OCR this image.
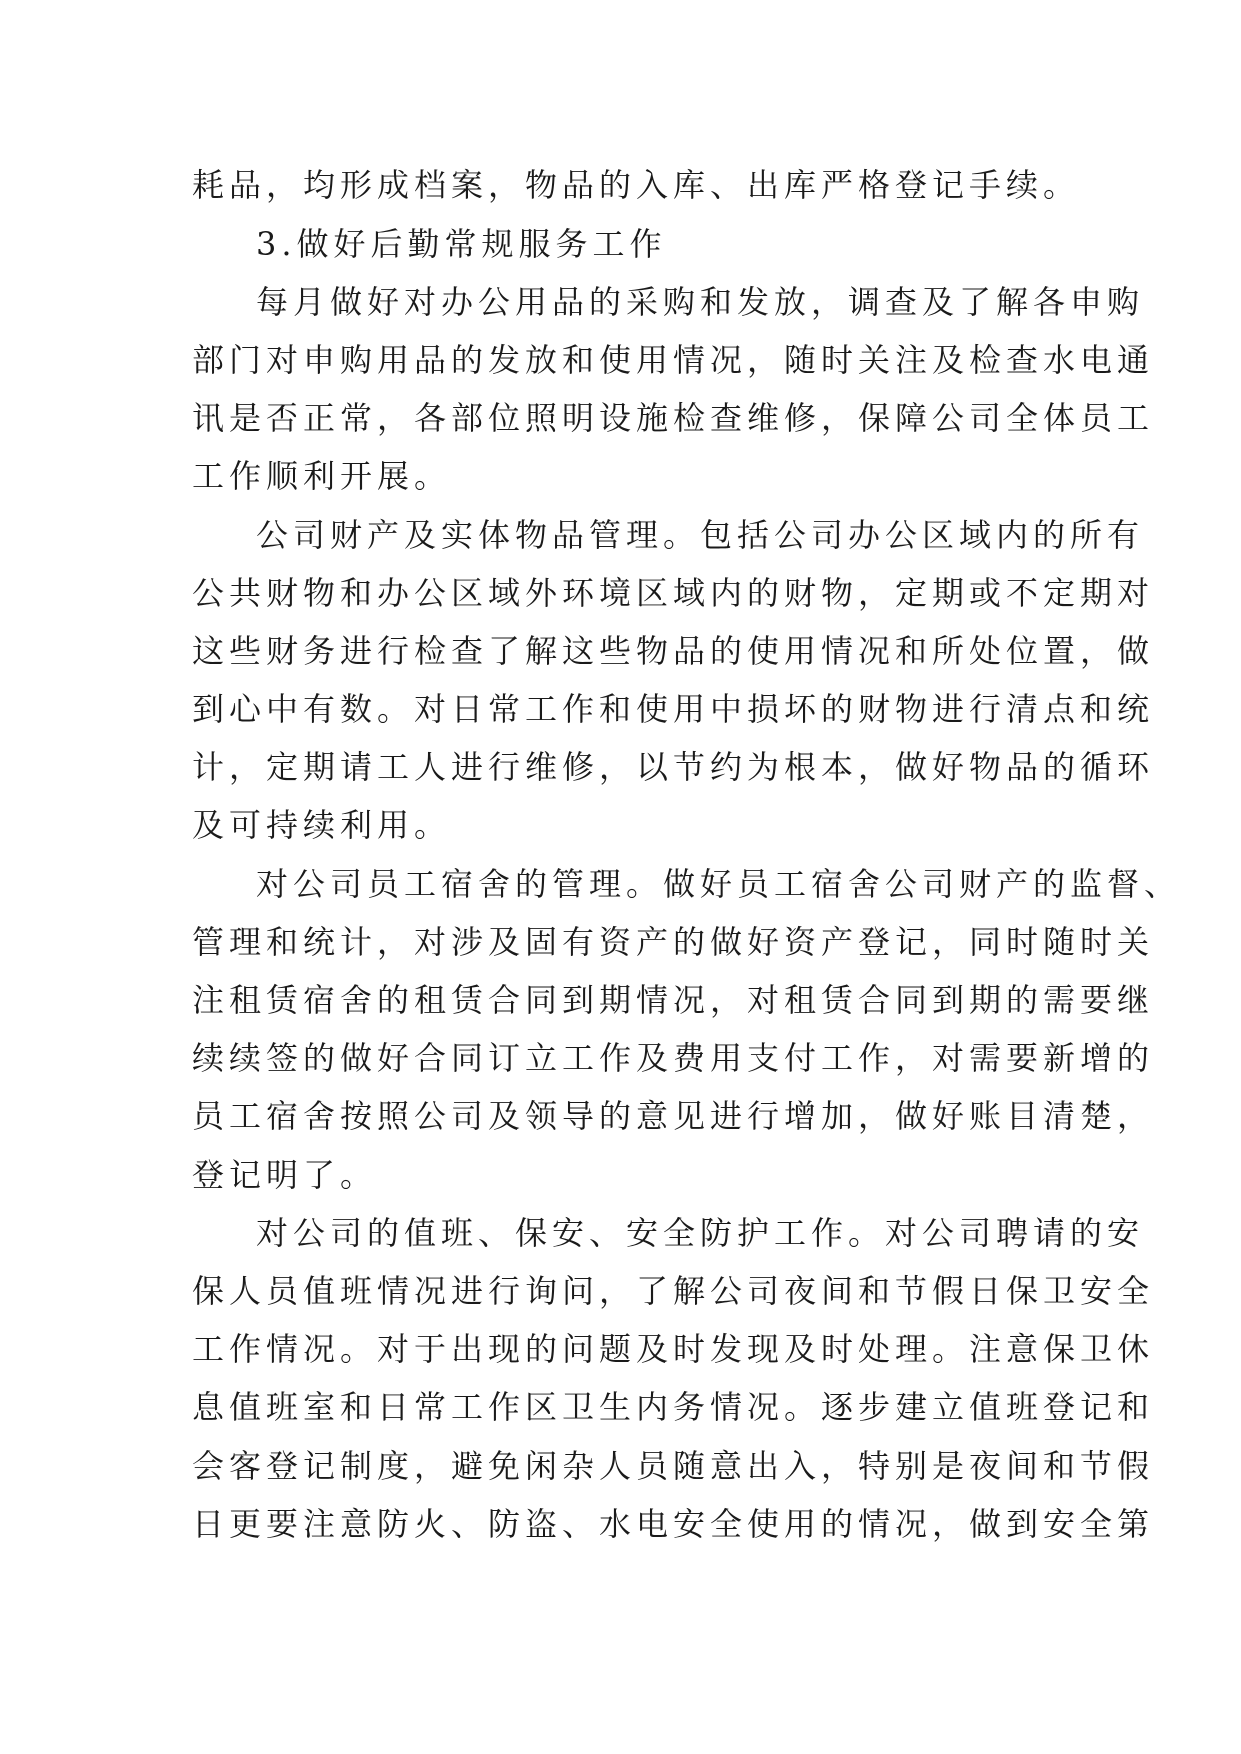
耗品，均形成档案，物品的入库、出库严格登记手续。
3.做好后勤常规服务工作
每月做好对办公用品的采购和发放，调查及了解各申购
部门对申购用品的发放和使用情况，随时关注及检查水电通
讯是否正常，各部位照明设施检查维修，保障公司全体员工
工作顺利开展。
公司财产及实体物品管理。包括公司办公区域内的所有
公共财物和办公区域外环境区域内的财物，定期或不定期对
这些财务进行检查了解这些物品的使用情况和所处位置，做
到心中有数。对日常工作和使用中损坏的财物进行清点和统
计，定期请工人进行维修，以节约为根本，做好物品的循环
及可持续利用。
对公司员工宿舍的管理。做好员工宿舍公司财产的监督、
管理和统计，对涉及固有资产的做好资产登记，同时随时关
注租赁宿舍的租赁合同到期情况，对租赁合同到期的需要继
续续签的做好合同订立工作及费用支付工作，对需要新增的
员工宿舍按照公司及领导的意见进行增加，做好账目清楚，
登记明了。
对公司的值班、保安、安全防护工作。对公司聘请的安
保人员值班情况进行询问，了解公司夜间和节假日保卫安全
工作情况。对于出现的问题及时发现及时处理。注意保卫休
息值班室和日常工作区卫生内务情况。逐步建立值班登记和
会客登记制度，避免闲杂人员随意出入，特别是夜间和节假
日更要注意防火、防盗、水电安全使用的情况，做到安全第
